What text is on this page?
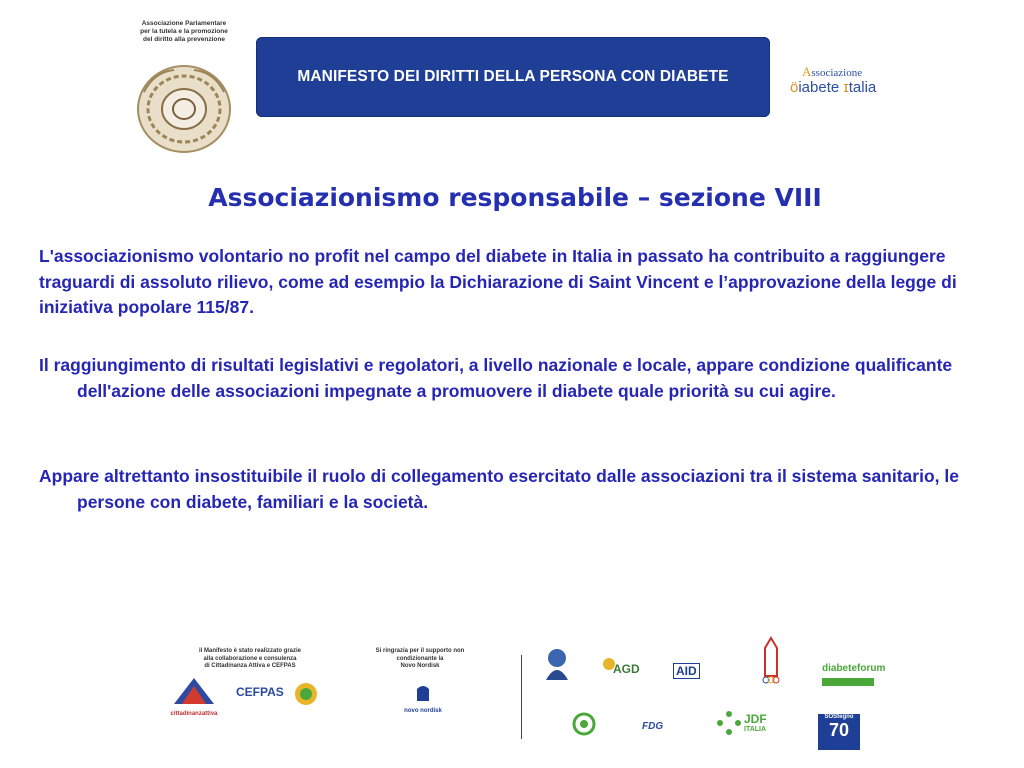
Associazione Parlamentare
per la tutela e la promozione
del diritto alla prevenzione
MANIFESTO DEI DIRITTI DELLA PERSONA CON DIABETE	Associazione
öiabete ɪtalia
Associazionismo responsabile – sezione VIII

L'associazionismo volontario no profit nel campo del diabete in Italia in passato ha contribuito a raggiungere traguardi di assoluto rilievo, come ad esempio la Dichiarazione di Saint Vincent e l’approvazione della legge di iniziativa popolare 115/87.

Il raggiungimento di risultati legislativi e regolatori, a livello nazionale e locale, appare condizione qualificante dell'azione delle associazioni impegnate a promuovere il diabete quale priorità su cui agire.

Appare altrettanto insostituibile il ruolo di collegamento esercitato dalle associazioni tra il sistema sanitario, le persone con diabete, familiari e la società.

il Manifesto è stato realizzato grazie
alla collaborazione e consulenza
di Cittadinanza Attiva e CEFPAS
cittadinanzattiva
CEFPAS
Si ringrazia per il supporto non
condizionante la
Novo Nordisk
novo nordisk
AGD	AID	diabeteforum
FDG
JDF
ITALIA
SOStegno
70
